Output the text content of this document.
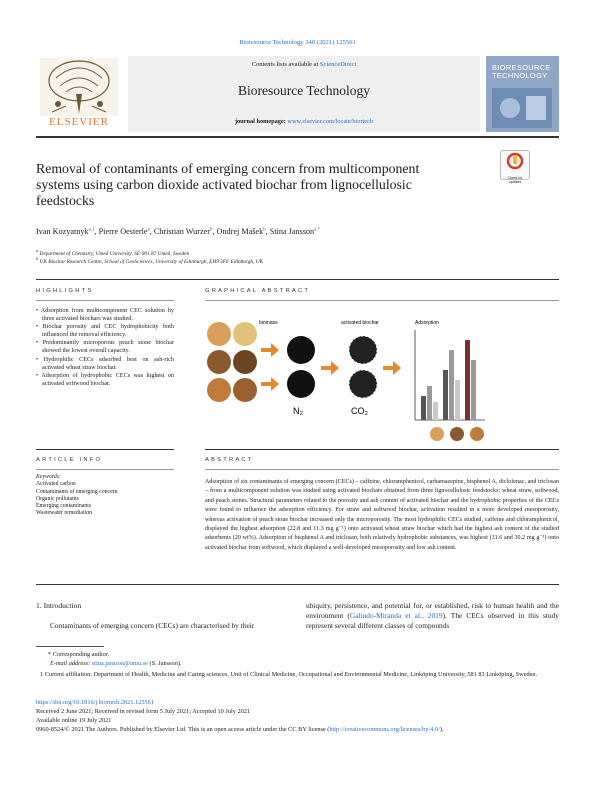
Bioresource Technology 340 (2021) 125561
ELSEVIER
Contents lists available at ScienceDirect
Bioresource Technology
journal homepage: www.elsevier.com/locate/biortech
BIORESOURCE TECHNOLOGY
Removal of contaminants of emerging concern from multicomponent systems using carbon dioxide activated biochar from lignocellulosic feedstocks
Check for updates
Ivan Kozyatnyk$^{a,1}$, Pierre Oesterle$^a$, Christian Wurzer$^b$, Ondrej Mašek$^b$, Stina Jansson$^{a,*}$
$^a$ Department of Chemistry, Umeå University, SE-901 87 Umeå, Sweden
$^b$ UK Biochar Research Centre, School of GeoSciences, University of Edinburgh, EH9 3FF Edinburgh, UK
HIGHLIGHTS	GRAPHICAL ABSTRACT
• Adsorption from multicomponent CEC solution by three activated biochars was studied.
• Biochar porosity and CEC hydrophobicity both influenced the removal efficiency.
• Predominantly microporous peach stone biochar showed the lowest overall capacity.
• Hydrophilic CECs adsorbed best on ash-rich activated wheat straw biochar.
• Adsorption of hydrophobic CECs was highest on activated softwood biochar.
N₂	CO₂
biomass	activated biochar	Adsorption
ARTICLE INFO	ABSTRACT
Keywords:
Activated carbon
Contaminants of emerging concern
Organic pollutants
Emerging contaminants
Wastewater remediation
Adsorption of six contaminants of emerging concern (CECs) – caffeine, chloramphenicol, carbamazepine, bisphenol A, diclofenac, and triclosan – from a multicomponent solution was studied using activated biochars obtained from three lignocellulosic feedstocks: wheat straw, softwood, and peach stones. Structural parameters related to the porosity and ash content of activated biochar and the hydrophobic properties of the CECs were found to influence the adsorption efficiency. For straw and softwood biochar, activation resulted in a more developed mesoporosity, whereas activation of peach stone biochar increased only the microporosity. The most hydrophilic CECs studied, caffeine and chloramphenicol, displayed the highest adsorption (22.8 and 11.3 mg g⁻¹) onto activated wheat straw biochar which had the highest ash content of the studied adsorbents (20 wt%). Adsorption of bisphenol A and triclosan, both relatively hydrophobic substances, was highest (31.6 and 30.2 mg g⁻¹) onto activated biochar from softwood, which displayed a well-developed mesoporosity and low ash content.
1. Introduction
Contaminants of emerging concern (CECs) are characterised by their
ubiquity, persistence, and potential for, or established, risk to human health and the environment (Galindo-Miranda et al., 2019). The CECs observed in this study represent several different classes of compounds
* Corresponding author.
E-mail address: stina.jansson@umu.se (S. Jansson).
1 Current affiliation: Department of Health, Medicine and Caring sciences, Unit of Clinical Medicine, Occupational and Environmental Medicine, Linköping University, 581 83 Linköping, Sweden.
https://doi.org/10.1016/j.biortech.2021.125561
Received 2 June 2021; Received in revised form 5 July 2021; Accepted 10 July 2021
Available online 19 July 2021
0960-8524/© 2021 The Authors. Published by Elsevier Ltd. This is an open access article under the CC BY license (http://creativecommons.org/licenses/by/4.0/).
